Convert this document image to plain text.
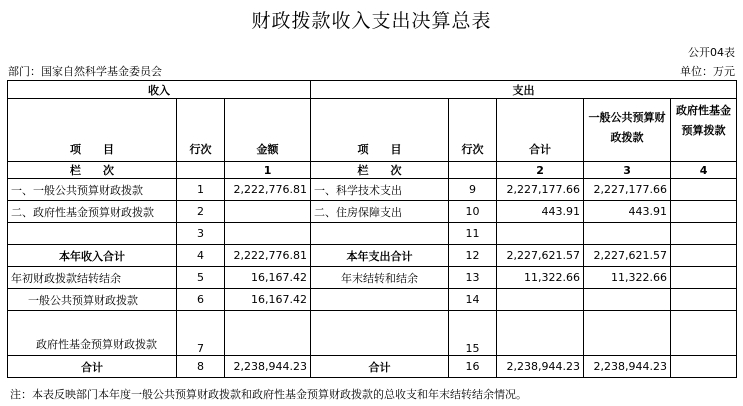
财政拨款收入支出决算总表
公开04表
部门：国家自然科学基金委员会	单位：万元
收入			支出				
项　　目	行次	金额	项　　目	行次	合计	一般公共预算财政拨款	政府性基金预算拨款
栏　　次		1	栏　　次		2	3	4
一、一般公共预算财政拨款	1	2,222,776.81	一、科学技术支出	9	2,227,177.66	2,227,177.66	
二、政府性基金预算财政拨款	2		二、住房保障支出	10	443.91	443.91	
	3			11			
本年收入合计	4	2,222,776.81	本年支出合计	12	2,227,621.57	2,227,621.57	
年初财政拨款结转结余	5	16,167.42	年末结转和结余	13	11,322.66	11,322.66	
一般公共预算财政拨款	6	16,167.42		14			
政府性基金预算财政拨款	7			15			
合计	8	2,238,944.23	合计	16	2,238,944.23	2,238,944.23	
注：本表反映部门本年度一般公共预算财政拨款和政府性基金预算财政拨款的总收支和年末结转结余情况。
